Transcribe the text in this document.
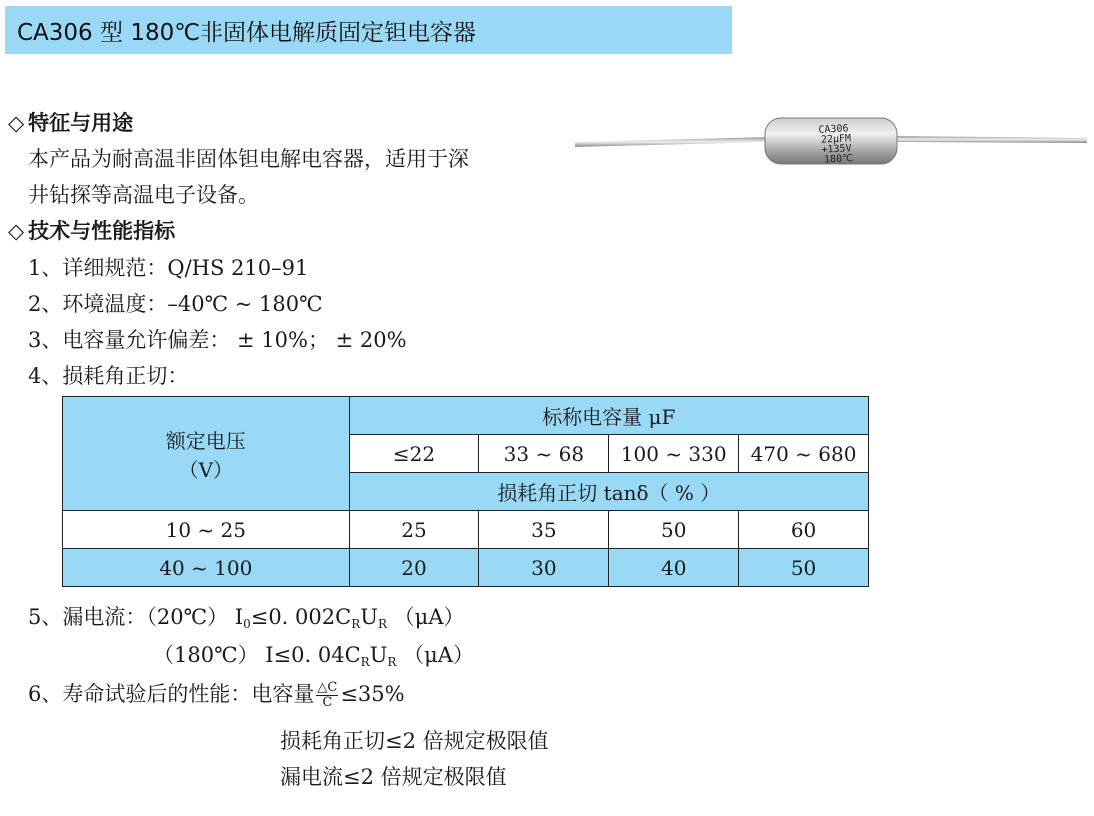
CA306 型 180℃非固体电解质固定钽电容器
◇ 特征与用途
本产品为耐高温非固体钽电解电容器，适用于深
井钻探等高温电子设备。
CA306
22μFM
+135V
180℃
◇ 技术与性能指标
1、详细规范：Q/HS 210–91
2、环境温度：–40℃ ~ 180℃
3、电容量允许偏差： ± 10%； ± 20%
4、损耗角正切：
额定电压
（V）	标称电容量 μF			
	≤22	33 ~ 68	100 ~ 330	470 ~ 680
	损耗角正切 tanδ（ % ）			
10 ~ 25	25	35	50	60
40 ~ 100	20	30	40	50
5、漏电流：（20℃） $I_0\le 0$. $002C_RU_R$ （μA）
（180℃） I≤0. $04C_RU_R$ （μA）
6、寿命试验后的性能：电容量 $\frac{\triangle C}{C} \le 35\%$
损耗角正切≤2 倍规定极限值
漏电流≤2 倍规定极限值
